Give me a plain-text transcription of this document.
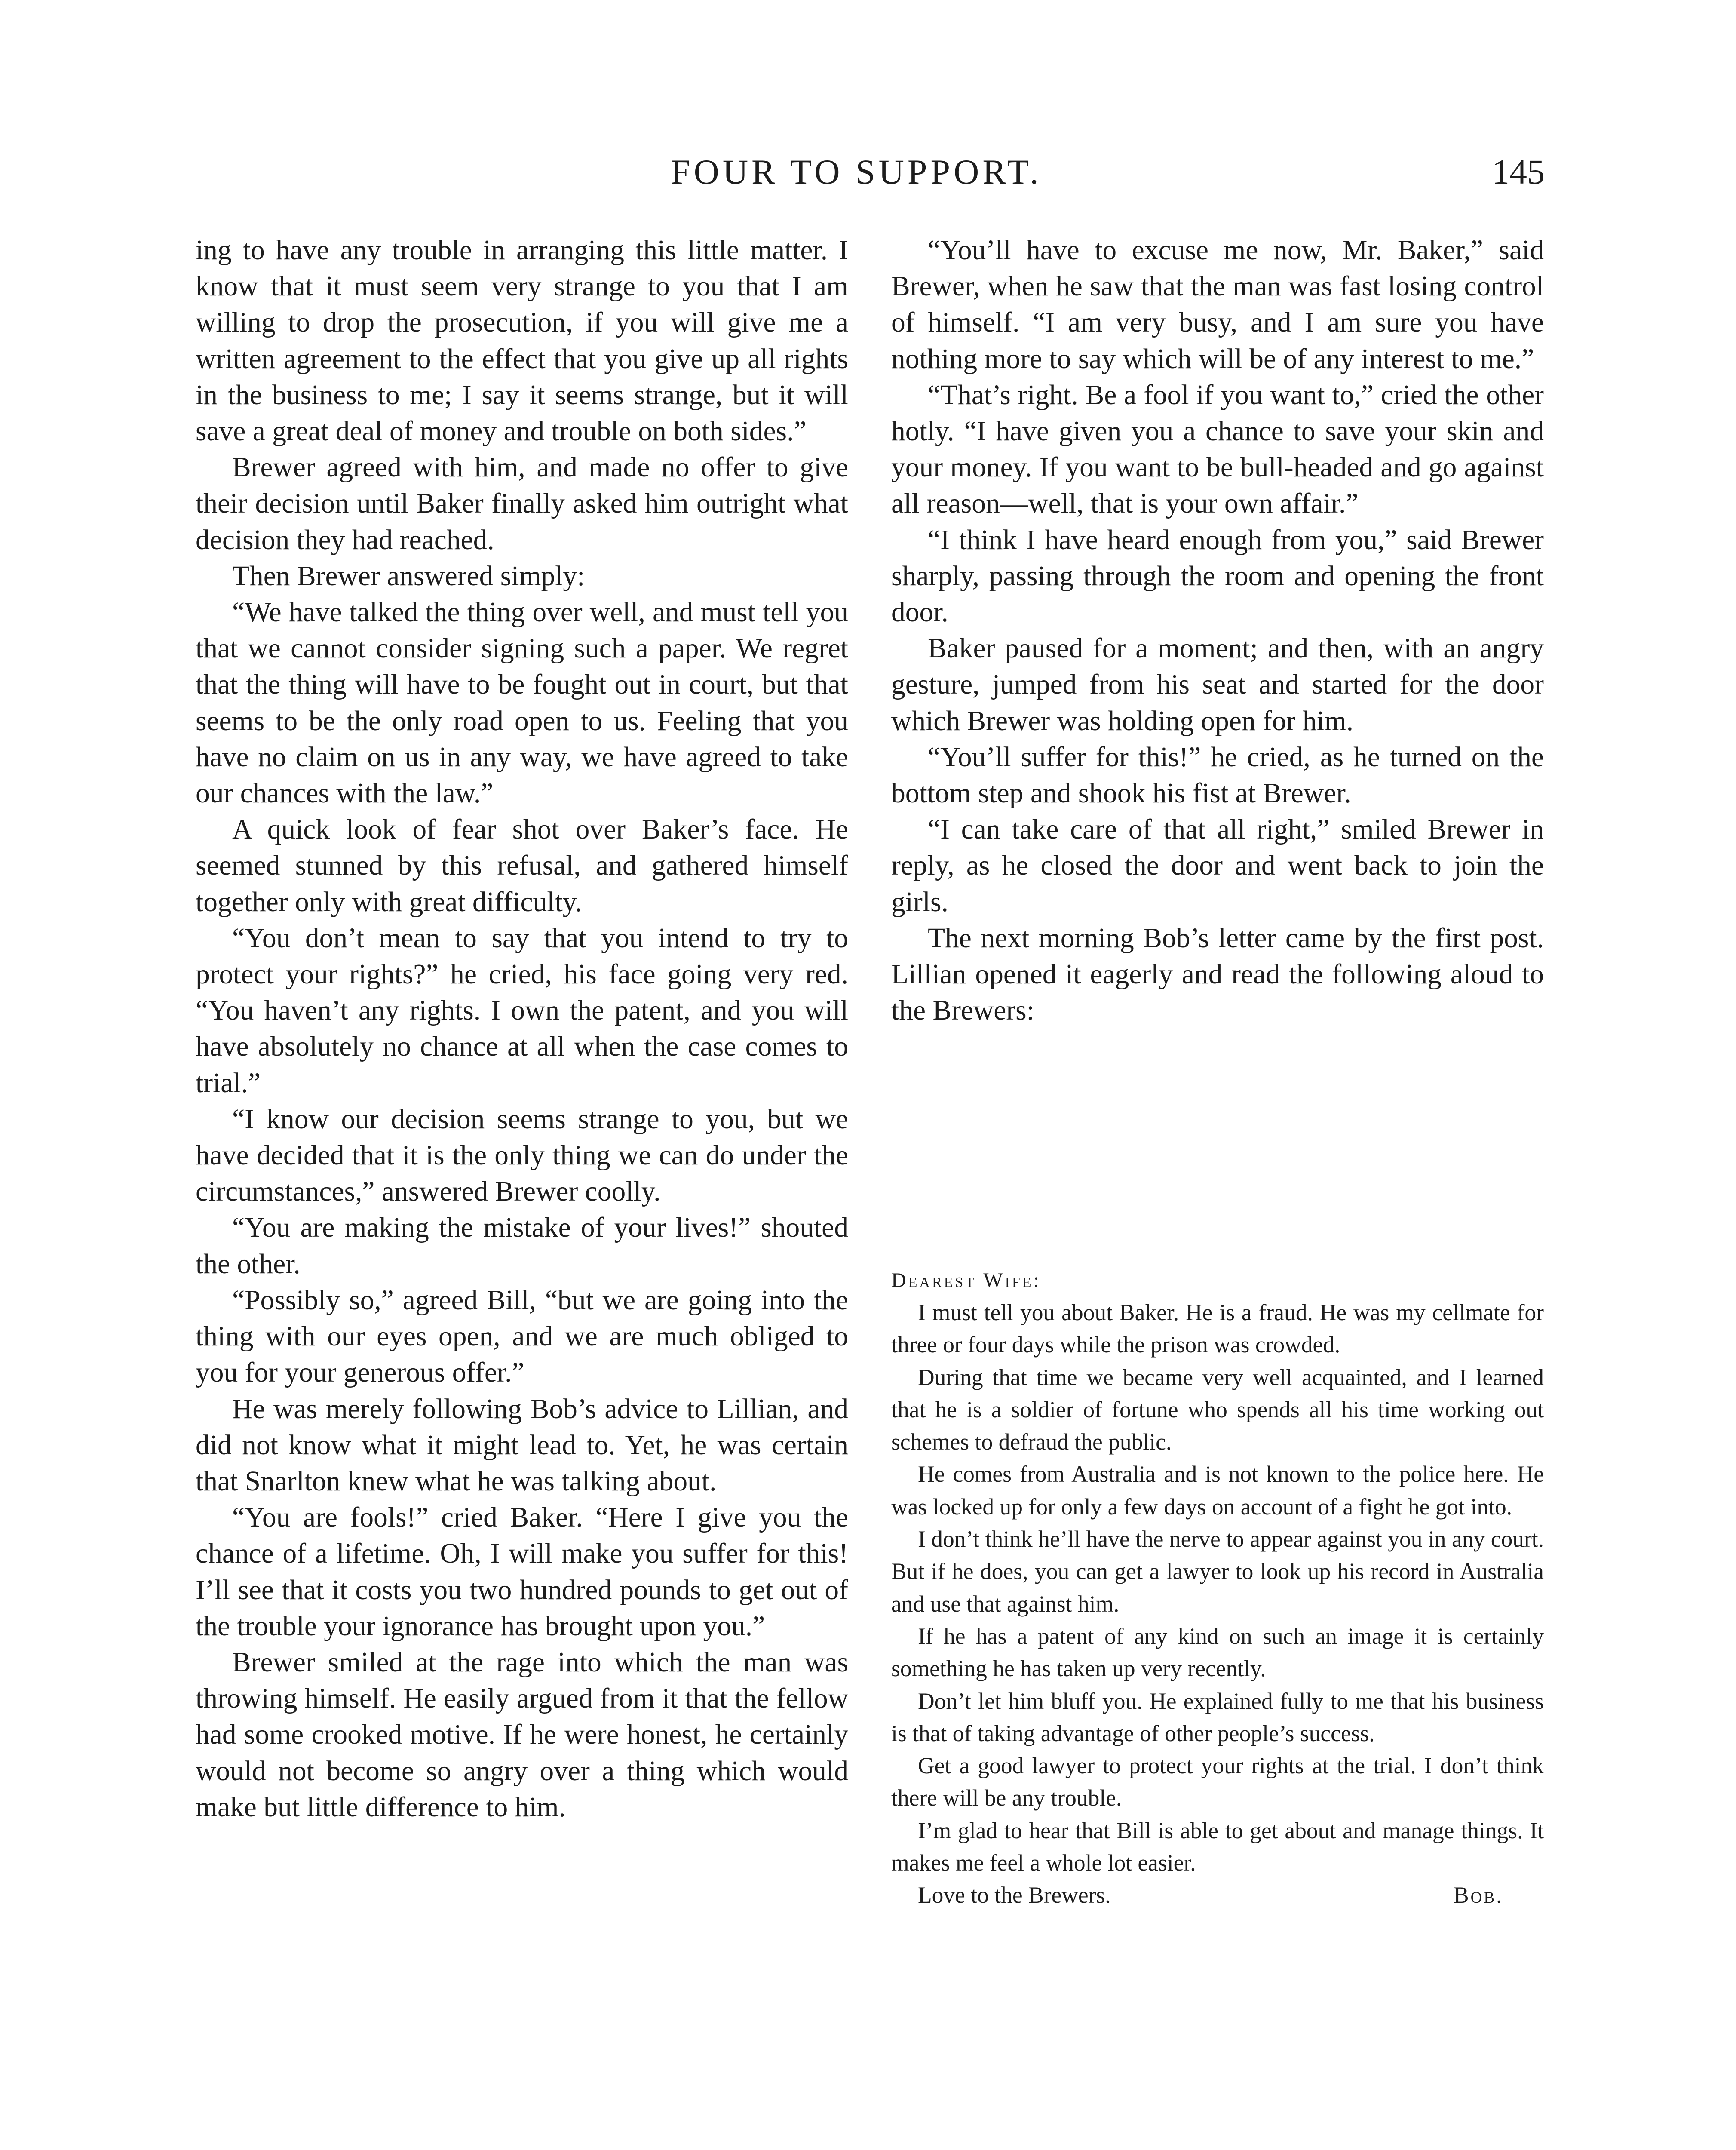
FOUR TO SUPPORT.	145

ing to have any trouble in arranging this little matter. I know that it must seem very strange to you that I am willing to drop the prosecution, if you will give me a written agreement to the effect that you give up all rights in the business to me; I say it seems strange, but it will save a great deal of money and trouble on both sides.”

Brewer agreed with him, and made no offer to give their decision until Baker finally asked him outright what decision they had reached.

Then Brewer answered simply:

“We have talked the thing over well, and must tell you that we cannot consider signing such a paper. We regret that the thing will have to be fought out in court, but that seems to be the only road open to us. Feeling that you have no claim on us in any way, we have agreed to take our chances with the law.”

A quick look of fear shot over Baker’s face. He seemed stunned by this refusal, and gathered himself together only with great difficulty.

“You don’t mean to say that you intend to try to protect your rights?” he cried, his face going very red. “You haven’t any rights. I own the patent, and you will have absolutely no chance at all when the case comes to trial.”

“I know our decision seems strange to you, but we have decided that it is the only thing we can do under the circumstances,” answered Brewer coolly.

“You are making the mistake of your lives!” shouted the other.

“Possibly so,” agreed Bill, “but we are going into the thing with our eyes open, and we are much obliged to you for your generous offer.”

He was merely following Bob’s advice to Lillian, and did not know what it might lead to. Yet, he was certain that Snarlton knew what he was talking about.

“You are fools!” cried Baker. “Here I give you the chance of a lifetime. Oh, I will make you suffer for this! I’ll see that it costs you two hundred pounds to get out of the trouble your ignorance has brought upon you.”

Brewer smiled at the rage into which the man was throwing himself. He easily argued from it that the fellow had some crooked motive. If he were honest, he certainly would not become so angry over a thing which would make but little difference to him.

“You’ll have to excuse me now, Mr. Baker,” said Brewer, when he saw that the man was fast losing control of himself. “I am very busy, and I am sure you have nothing more to say which will be of any interest to me.”

“That’s right. Be a fool if you want to,” cried the other hotly. “I have given you a chance to save your skin and your money. If you want to be bull-headed and go against all reason—well, that is your own affair.”

“I think I have heard enough from you,” said Brewer sharply, passing through the room and opening the front door.

Baker paused for a moment; and then, with an angry gesture, jumped from his seat and started for the door which Brewer was holding open for him.

“You’ll suffer for this!” he cried, as he turned on the bottom step and shook his fist at Brewer.

“I can take care of that all right,” smiled Brewer in reply, as he closed the door and went back to join the girls.

The next morning Bob’s letter came by the first post. Lillian opened it eagerly and read the following aloud to the Brewers:

Dearest Wife:

I must tell you about Baker. He is a fraud. He was my cellmate for three or four days while the prison was crowded.

During that time we became very well acquainted, and I learned that he is a soldier of fortune who spends all his time working out schemes to defraud the public.

He comes from Australia and is not known to the police here. He was locked up for only a few days on account of a fight he got into.

I don’t think he’ll have the nerve to appear against you in any court. But if he does, you can get a lawyer to look up his record in Australia and use that against him.

If he has a patent of any kind on such an image it is certainly something he has taken up very recently.

Don’t let him bluff you. He explained fully to me that his business is that of taking advantage of other people’s success.

Get a good lawyer to protect your rights at the trial. I don’t think there will be any trouble.

I’m glad to hear that Bill is able to get about and manage things. It makes me feel a whole lot easier.

Love to the Brewers.	Bob.
